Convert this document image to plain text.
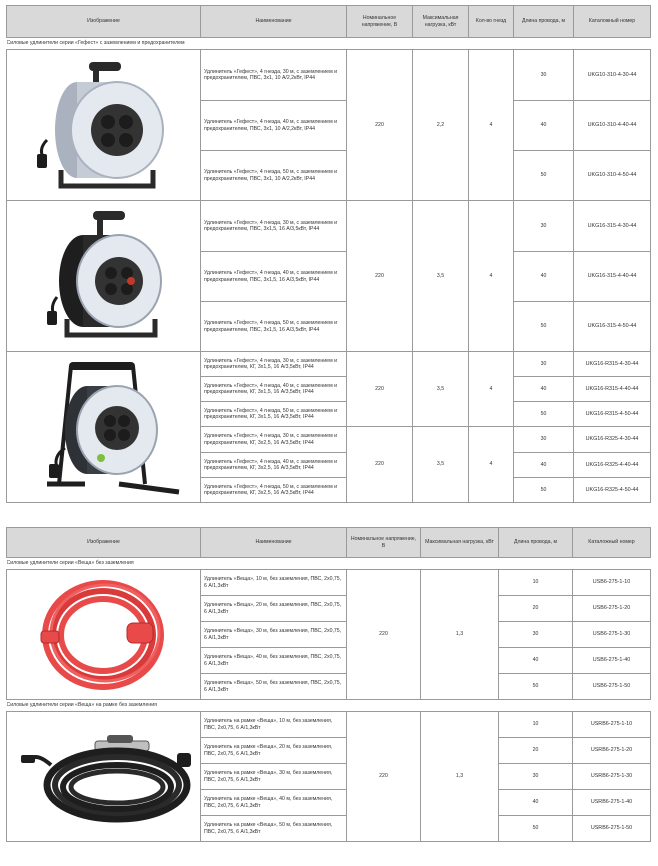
Изображение	Наименование	Номинальное напряжение, В	Максимальная нагрузка, кВт	Кол-во гнезд	Длина провода, м	Каталожный номер
Силовые удлинители серии «Гефест» с заземлением и предохранителем						

	Удлинитель «Гефест», 4 гнезда, 30 м, с заземлением и предохранителем, ПВС, 3х1, 10 А/2,2кВт, IP44	220	2,2	4	30	UKG10-310-4-30-44
	Удлинитель «Гефест», 4 гнезда, 40 м, с заземлением и предохранителем, ПВС, 3х1, 10 А/2,2кВт, IP44				40	UKG10-310-4-40-44
	Удлинитель «Гефест», 4 гнезда, 50 м, с заземлением и предохранителем, ПВС, 3х1, 10 А/2,2кВт, IP44				50	UKG10-310-4-50-44

	Удлинитель «Гефест», 4 гнезда, 30 м, с заземлением и предохранителем, ПВС, 3х1,5, 16 А/3,5кВт, IP44	220	3,5	4	30	UKG16-315-4-30-44
	Удлинитель «Гефест», 4 гнезда, 40 м, с заземлением и предохранителем, ПВС, 3х1,5, 16 А/3,5кВт, IP44				40	UKG16-315-4-40-44
	Удлинитель «Гефест», 4 гнезда, 50 м, с заземлением и предохранителем, ПВС, 3х1,5, 16 А/3,5кВт, IP44				50	UKG16-315-4-50-44

	Удлинитель «Гефест», 4 гнезда, 30 м, с заземлением и предохранителем, КГ, 3х1,5, 16 А/3,5кВт, IP44	220	3,5	4	30	UKG16-R315-4-30-44
	Удлинитель «Гефест», 4 гнезда, 40 м, с заземлением и предохранителем, КГ, 3х1,5, 16 А/3,5кВт, IP44				40	UKG16-R315-4-40-44
	Удлинитель «Гефест», 4 гнезда, 50 м, с заземлением и предохранителем, КГ, 3х1,5, 16 А/3,5кВт, IP44				50	UKG16-R315-4-50-44
	Удлинитель «Гефест», 4 гнезда, 30 м, с заземлением и предохранителем, КГ, 3х2,5, 16 А/3,5кВт, IP44	220	3,5	4	30	UKG16-R325-4-30-44
	Удлинитель «Гефест», 4 гнезда, 40 м, с заземлением и предохранителем, КГ, 3х2,5, 16 А/3,5кВт, IP44				40	UKG16-R325-4-40-44
	Удлинитель «Гефест», 4 гнезда, 50 м, с заземлением и предохранителем, КГ, 3х2,5, 16 А/3,5кВт, IP44				50	UKG16-R325-4-50-44
Изображение	Наименование	Номинальное напряжение, В	Максимальная нагрузка, кВт	Длина провода, м	Каталожный номер
Силовые удлинители серии «Веща» без заземления					

	Удлинитель «Веща», 10 м, без заземления, ПВС, 2х0,75, 6 А/1,3кВт	220	1,3	10	USB6-275-1-10
	Удлинитель «Веща», 20 м, без заземления, ПВС, 2х0,75, 6 А/1,3кВт			20	USB6-275-1-20
	Удлинитель «Веща», 30 м, без заземления, ПВС, 2х0,75, 6 А/1,3кВт			30	USB6-275-1-30
	Удлинитель «Веща», 40 м, без заземления, ПВС, 2х0,75, 6 А/1,3кВт			40	USB6-275-1-40
	Удлинитель «Веща», 50 м, без заземления, ПВС, 2х0,75, 6 А/1,3кВт			50	USB6-275-1-50
Силовые удлинители серии «Веща» на рамке без заземления					

	Удлинитель на рамке «Веща», 10 м, без заземления, ПВС, 2х0,75, 6 А/1,3кВт	220	1,3	10	USRB6-275-1-10
	Удлинитель на рамке «Веща», 20 м, без заземления, ПВС, 2х0,75, 6 А/1,3кВт			20	USRB6-275-1-20
	Удлинитель на рамке «Веща», 30 м, без заземления, ПВС, 2х0,75, 6 А/1,3кВт			30	USRB6-275-1-30
	Удлинитель на рамке «Веща», 40 м, без заземления, ПВС, 2х0,75, 6 А/1,3кВт			40	USRB6-275-1-40
	Удлинитель на рамке «Веща», 50 м, без заземления, ПВС, 2х0,75, 6 А/1,3кВт			50	USRB6-275-1-50
